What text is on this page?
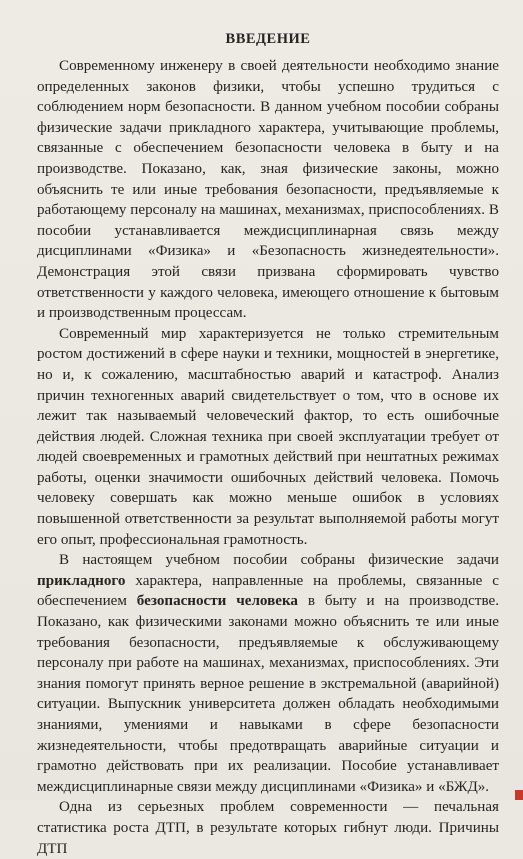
ВВЕДЕНИЕ

Современному инженеру в своей деятельности необходимо знание определенных законов физики, чтобы успешно трудиться с соблюдением норм безопасности. В данном учебном пособии собраны физические задачи прикладного характера, учитывающие проблемы, связанные с обеспечением безопасности человека в быту и на производстве. Показано, как, зная физические законы, можно объяснить те или иные требования безопасности, предъявляемые к работающему персоналу на машинах, механизмах, приспособлениях. В пособии устанавливается междисциплинарная связь между дисциплинами «Физика» и «Безопасность жизнедеятельности». Демонстрация этой связи призвана сформировать чувство ответственности у каждого человека, имеющего отношение к бытовым и производственным процессам.

Современный мир характеризуется не только стремительным ростом достижений в сфере науки и техники, мощностей в энергетике, но и, к сожалению, масштабностью аварий и катастроф. Анализ причин техногенных аварий свидетельствует о том, что в основе их лежит так называемый человеческий фактор, то есть ошибочные действия людей. Сложная техника при своей эксплуатации требует от людей своевременных и грамотных действий при нештатных режимах работы, оценки значимости ошибочных действий человека. Помочь человеку совершать как можно меньше ошибок в условиях повышенной ответственности за результат выполняемой работы могут его опыт, профессиональная грамотность.

В настоящем учебном пособии собраны физические задачи прикладного характера, направленные на проблемы, связанные с обеспечением безопасности человека в быту и на производстве. Показано, как физическими законами можно объяснить те или иные требования безопасности, предъявляемые к обслуживающему персоналу при работе на машинах, механизмах, приспособлениях. Эти знания помогут принять верное решение в экстремальной (аварийной) ситуации. Выпускник университета должен обладать необходимыми знаниями, умениями и навыками в сфере безопасности жизнедеятельности, чтобы предотвращать аварийные ситуации и грамотно действовать при их реализации. Пособие устанавливает междисциплинарные связи между дисциплинами «Физика» и «БЖД».

Одна из серьезных проблем современности — печальная статистика роста ДТП, в результате которых гибнут люди. Причины ДТП
